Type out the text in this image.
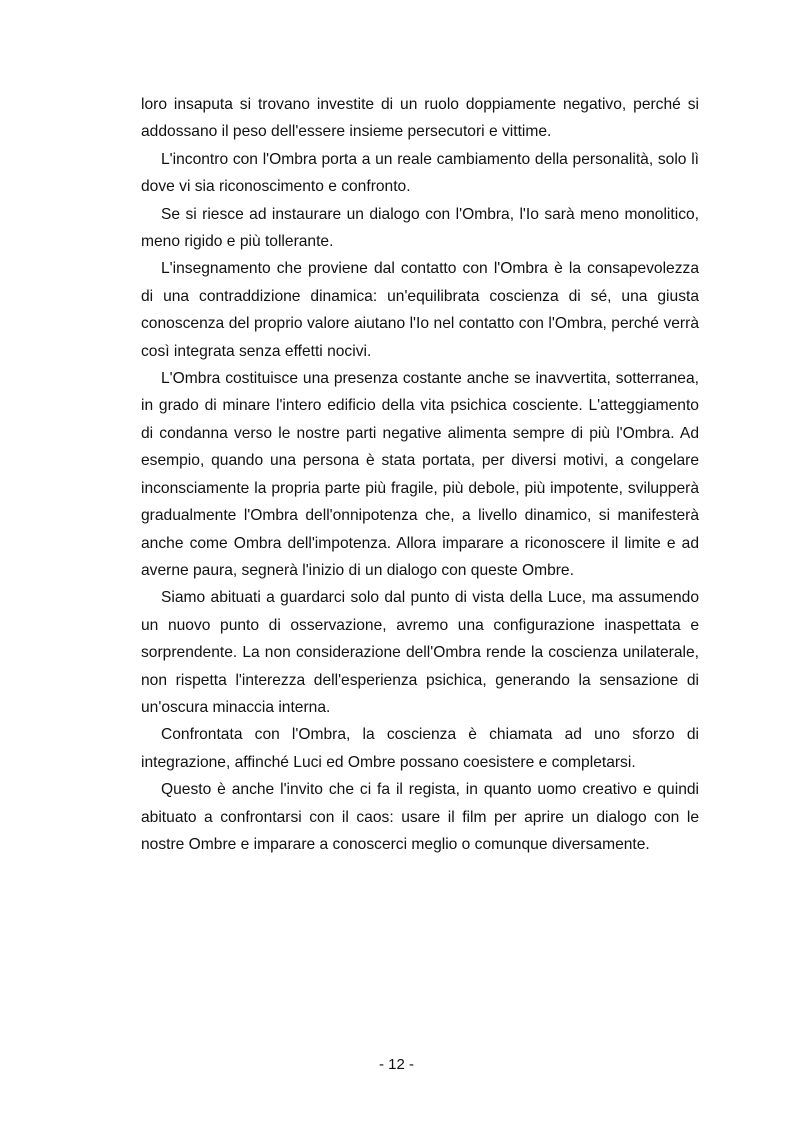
loro insaputa si trovano investite di un ruolo doppiamente negativo, perché si addossano il peso dell'essere insieme persecutori e vittime.

L'incontro con l'Ombra porta a un reale cambiamento della personalità, solo lì dove vi sia riconoscimento e confronto.

Se si riesce ad instaurare un dialogo con l'Ombra, l'Io sarà meno monolitico, meno rigido e più tollerante.

L'insegnamento che proviene dal contatto con l'Ombra è la consapevolezza di una contraddizione dinamica: un'equilibrata coscienza di sé, una giusta conoscenza del proprio valore aiutano l'Io nel contatto con l'Ombra, perché verrà così integrata senza effetti nocivi.

L'Ombra costituisce una presenza costante anche se inavvertita, sotterranea, in grado di minare l'intero edificio della vita psichica cosciente. L'atteggiamento di condanna verso le nostre parti negative alimenta sempre di più l'Ombra. Ad esempio, quando una persona è stata portata, per diversi motivi, a congelare inconsciamente la propria parte più fragile, più debole, più impotente, svilupperà gradualmente l'Ombra dell'onnipotenza che, a livello dinamico, si manifesterà anche come Ombra dell'impotenza. Allora imparare a riconoscere il limite e ad averne paura, segnerà l'inizio di un dialogo con queste Ombre.

Siamo abituati a guardarci solo dal punto di vista della Luce, ma assumendo un nuovo punto di osservazione, avremo una configurazione inaspettata e sorprendente. La non considerazione dell'Ombra rende la coscienza unilaterale, non rispetta l'interezza dell'esperienza psichica, generando la sensazione di un'oscura minaccia interna.

Confrontata con l'Ombra, la coscienza è chiamata ad uno sforzo di integrazione, affinché Luci ed Ombre possano coesistere e completarsi.

Questo è anche l'invito che ci fa il regista, in quanto uomo creativo e quindi abituato a confrontarsi con il caos: usare il film per aprire un dialogo con le nostre Ombre e imparare a conoscerci meglio o comunque diversamente.

- 12 -
